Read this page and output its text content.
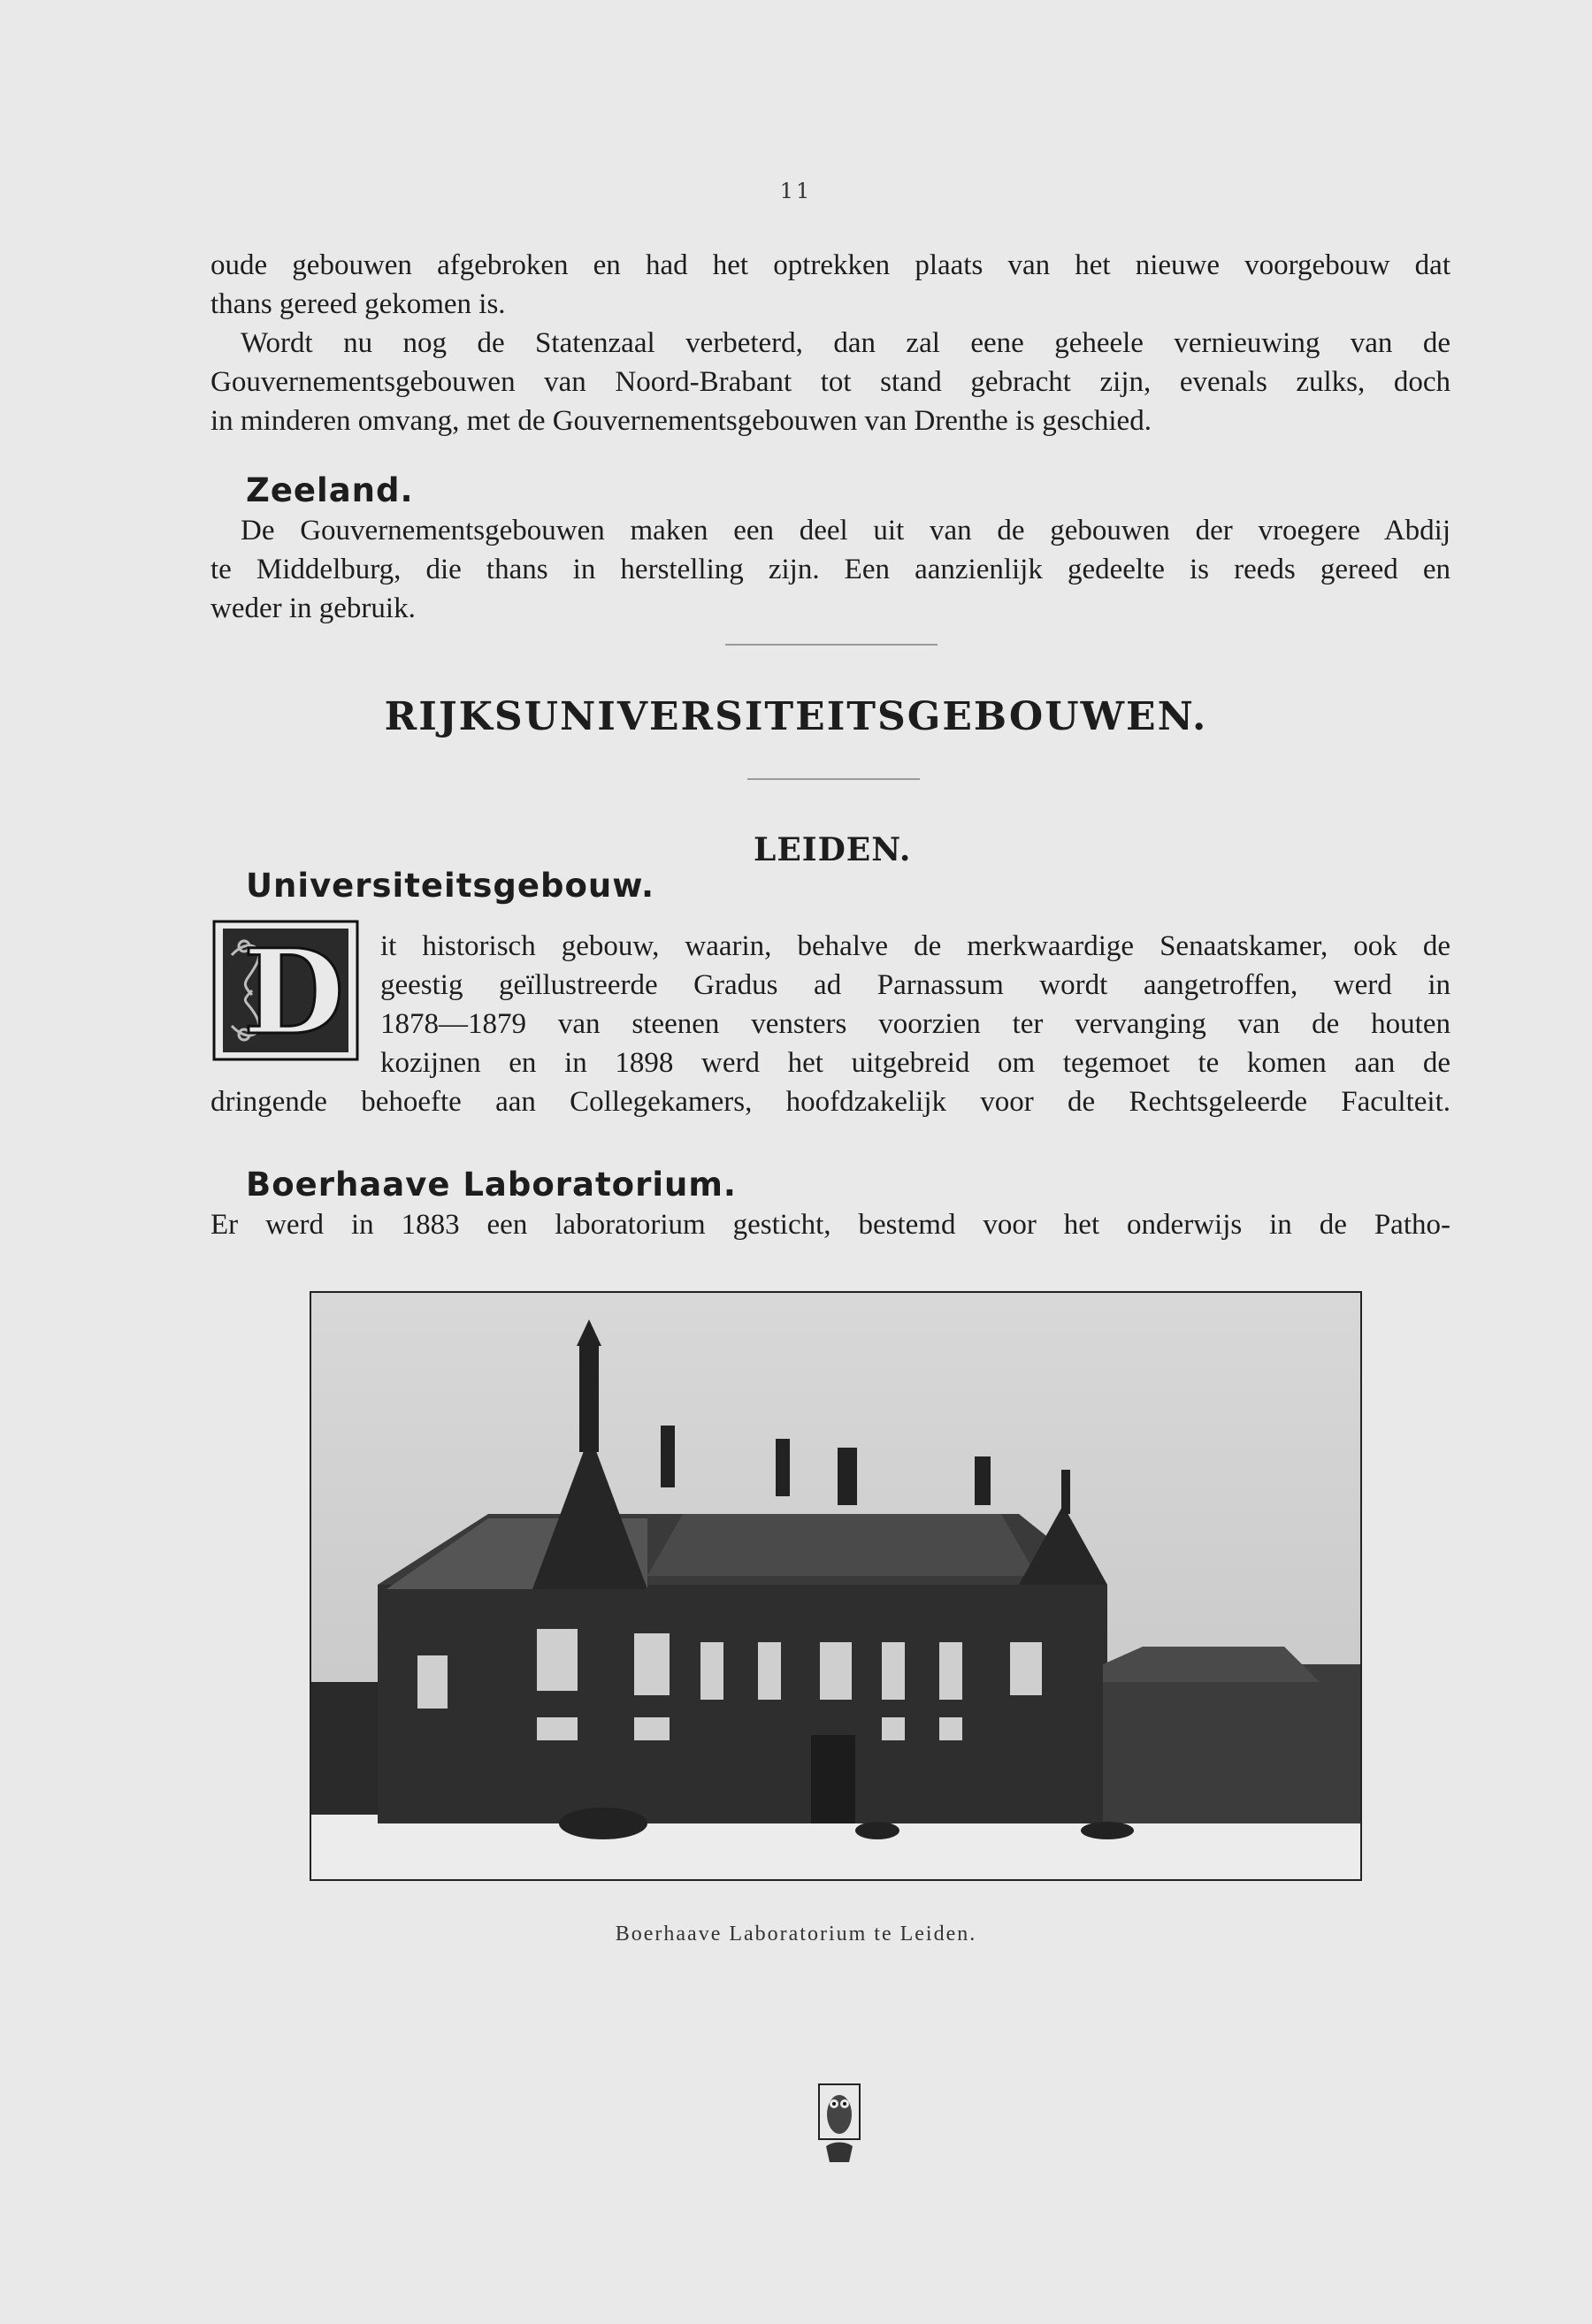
11

oude gebouwen afgebroken en had het optrekken plaats van het nieuwe voorgebouw dat

thans gereed gekomen is.

Wordt nu nog de Statenzaal verbeterd, dan zal eene geheele vernieuwing van de

Gouvernementsgebouwen van Noord-Brabant tot stand gebracht zijn, evenals zulks, doch

in minderen omvang, met de Gouvernementsgebouwen van Drenthe is geschied.

Zeeland.

De Gouvernementsgebouwen maken een deel uit van de gebouwen der vroegere Abdij

te Middelburg, die thans in herstelling zijn. Een aanzienlijk gedeelte is reeds gereed en

weder in gebruik.

RIJKSUNIVERSITEITSGEBOUWEN.
LEIDEN.
Universiteitsgebouw.
D it historisch gebouw, waarin, behalve de merkwaardige Senaatskamer, ook de
geestig geïllustreerde Gradus ad Parnassum wordt aangetroffen, werd in
1878—1879 van steenen vensters voorzien ter vervanging van de houten
kozijnen en in 1898 werd het uitgebreid om tegemoet te komen aan de
dringende behoefte aan Collegekamers, hoofdzakelijk voor de Rechtsgeleerde Faculteit.
Boerhaave Laboratorium.

Er werd in 1883 een laboratorium gesticht, bestemd voor het onderwijs in de Patho-

Boerhaave Laboratorium te Leiden.
